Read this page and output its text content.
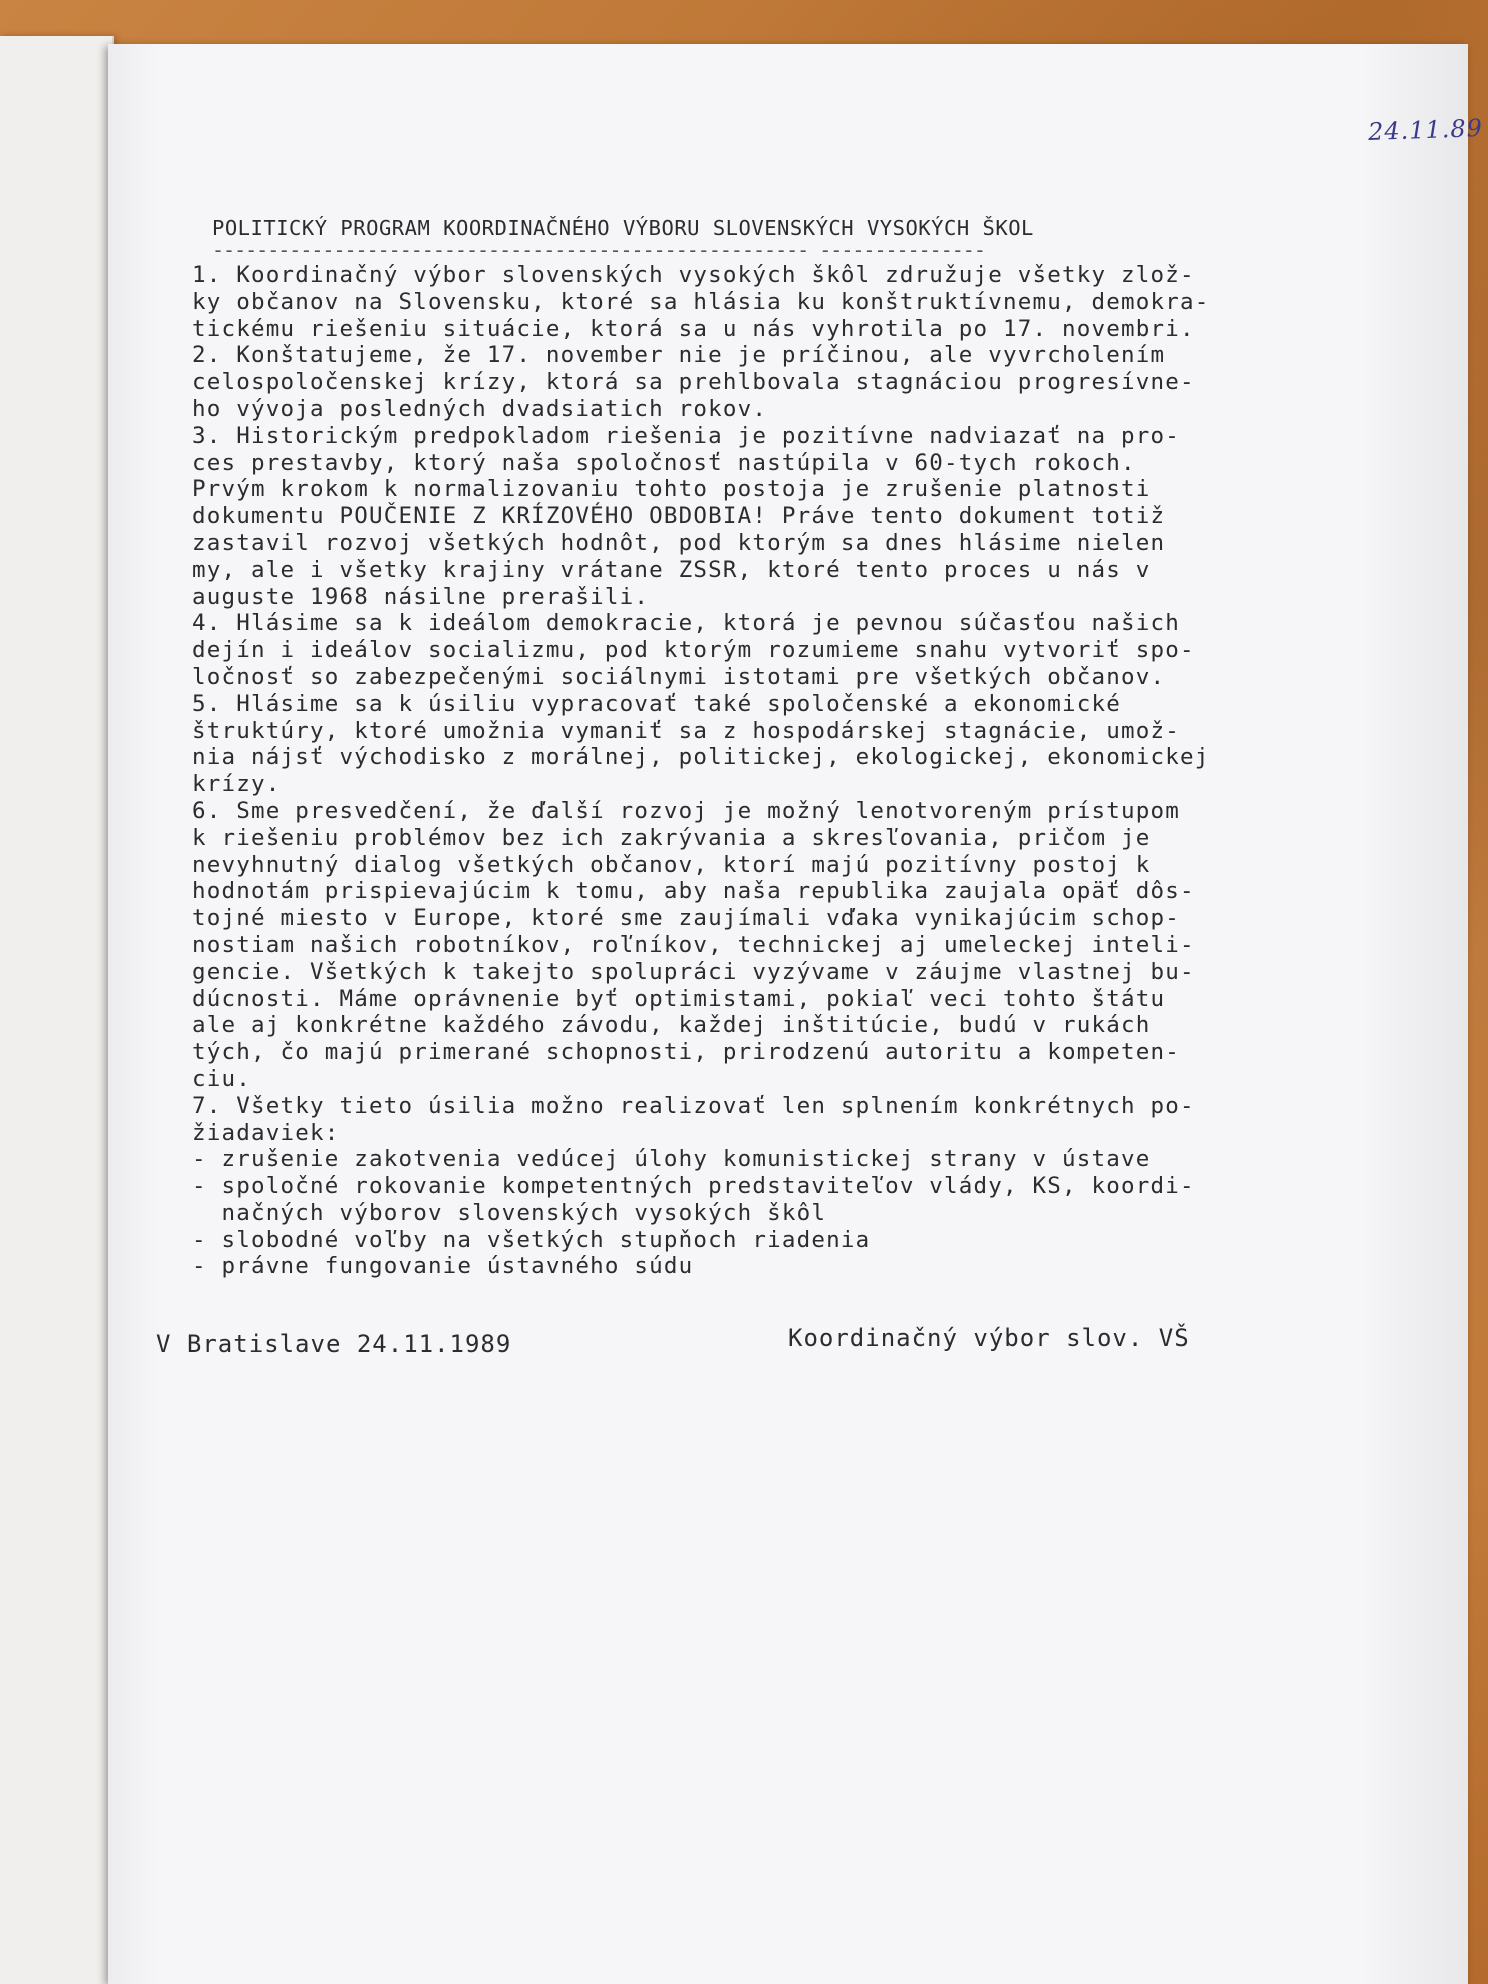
24.11.89
POLITICKÝ PROGRAM KOORDINAČNÉHO VÝBORU SLOVENSKÝCH VYSOKÝCH ŠKOL
------------------------------------------------------ ---------------
1. Koordinačný výbor slovenských vysokých škôl združuje všetky zlož-
ky občanov na Slovensku, ktoré sa hlásia ku konštruktívnemu, demokra-
tickému riešeniu situácie, ktorá sa u nás vyhrotila po 17. novembri.
2. Konštatujeme, že 17. november nie je príčinou, ale vyvrcholením
celospoločenskej krízy, ktorá sa prehlbovala stagnáciou progresívne-
ho vývoja posledných dvadsiatich rokov.
3. Historickým predpokladom riešenia je pozitívne nadviazať na pro-
ces prestavby, ktorý naša spoločnosť nastúpila v 60-tych rokoch.
Prvým krokom k normalizovaniu tohto postoja je zrušenie platnosti
dokumentu POUČENIE Z KRÍZOVÉHO OBDOBIA! Práve tento dokument totiž
zastavil rozvoj všetkých hodnôt, pod ktorým sa dnes hlásime nielen
my, ale i všetky krajiny vrátane ZSSR, ktoré tento proces u nás v
auguste 1968 násilne prerašili.
4. Hlásime sa k ideálom demokracie, ktorá je pevnou súčasťou našich
dejín i ideálov socializmu, pod ktorým rozumieme snahu vytvoriť spo-
ločnosť so zabezpečenými sociálnymi istotami pre všetkých občanov.
5. Hlásime sa k úsiliu vypracovať také spoločenské a ekonomické
štruktúry, ktoré umožnia vymaniť sa z hospodárskej stagnácie, umož-
nia nájsť východisko z morálnej, politickej, ekologickej, ekonomickej
krízy.
6. Sme presvedčení, že ďalší rozvoj je možný lenotvoreným prístupom
k riešeniu problémov bez ich zakrývania a skresľovania, pričom je
nevyhnutný dialog všetkých občanov, ktorí majú pozitívny postoj k
hodnotám prispievajúcim k tomu, aby naša republika zaujala opäť dôs-
tojné miesto v Europe, ktoré sme zaujímali vďaka vynikajúcim schop-
nostiam našich robotníkov, roľníkov, technickej aj umeleckej inteli-
gencie. Všetkých k takejto spolupráci vyzývame v záujme vlastnej bu-
dúcnosti. Máme oprávnenie byť optimistami, pokiaľ veci tohto štátu
ale aj konkrétne každého závodu, každej inštitúcie, budú v rukách
tých, čo majú primerané schopnosti, prirodzenú autoritu a kompeten-
ciu.
7. Všetky tieto úsilia možno realizovať len splnením konkrétnych po-
žiadaviek:
- zrušenie zakotvenia vedúcej úlohy komunistickej strany v ústave
- spoločné rokovanie kompetentných predstaviteľov vlády, KS, koordi-
načných výborov slovenských vysokých škôl
- slobodné voľby na všetkých stupňoch riadenia
- právne fungovanie ústavného súdu
V Bratislave 24.11.1989	Koordinačný výbor slov. VŠ
